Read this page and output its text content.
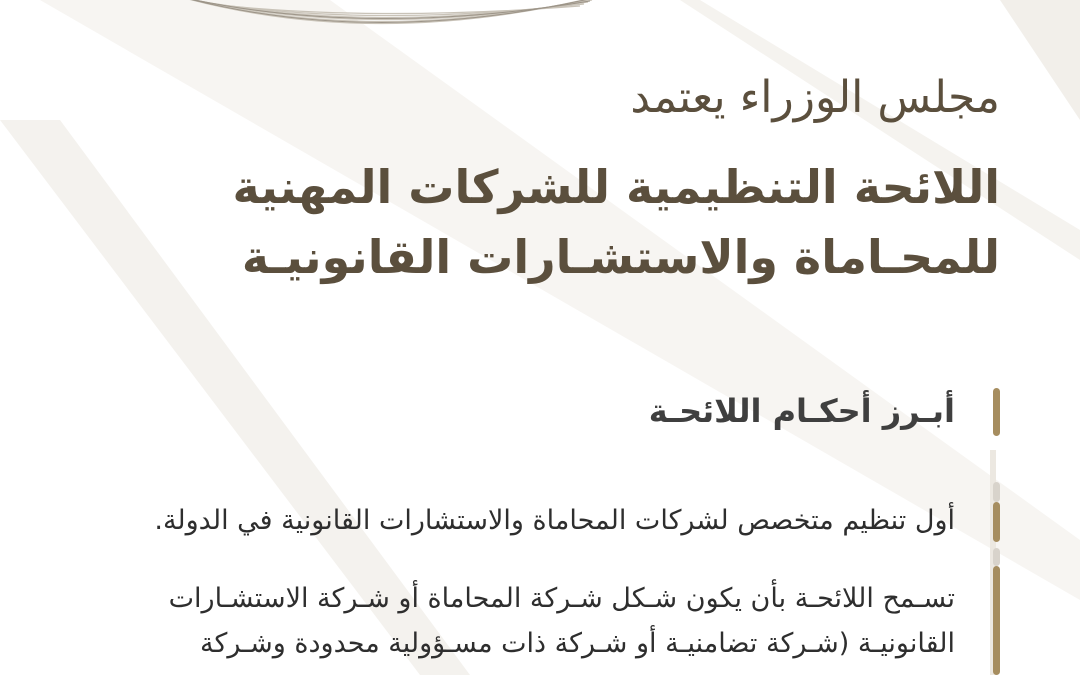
مجلس الوزراء يعتمد
اللائحة التنظيمية للشركات المهنية
للمحـاماة والاستشـارات القانونيـة
أبـرز أحكـام اللائحـة
أول تنظيم متخصص لشركات المحاماة والاستشارات القانونية في الدولة.
تسـمح اللائحـة بأن يكون شـكل شـركة المحاماة أو شـركة الاستشـارات
القانونيـة (شـركة تضامنيـة أو شـركة ذات مسـؤولية محدودة وشـركة
